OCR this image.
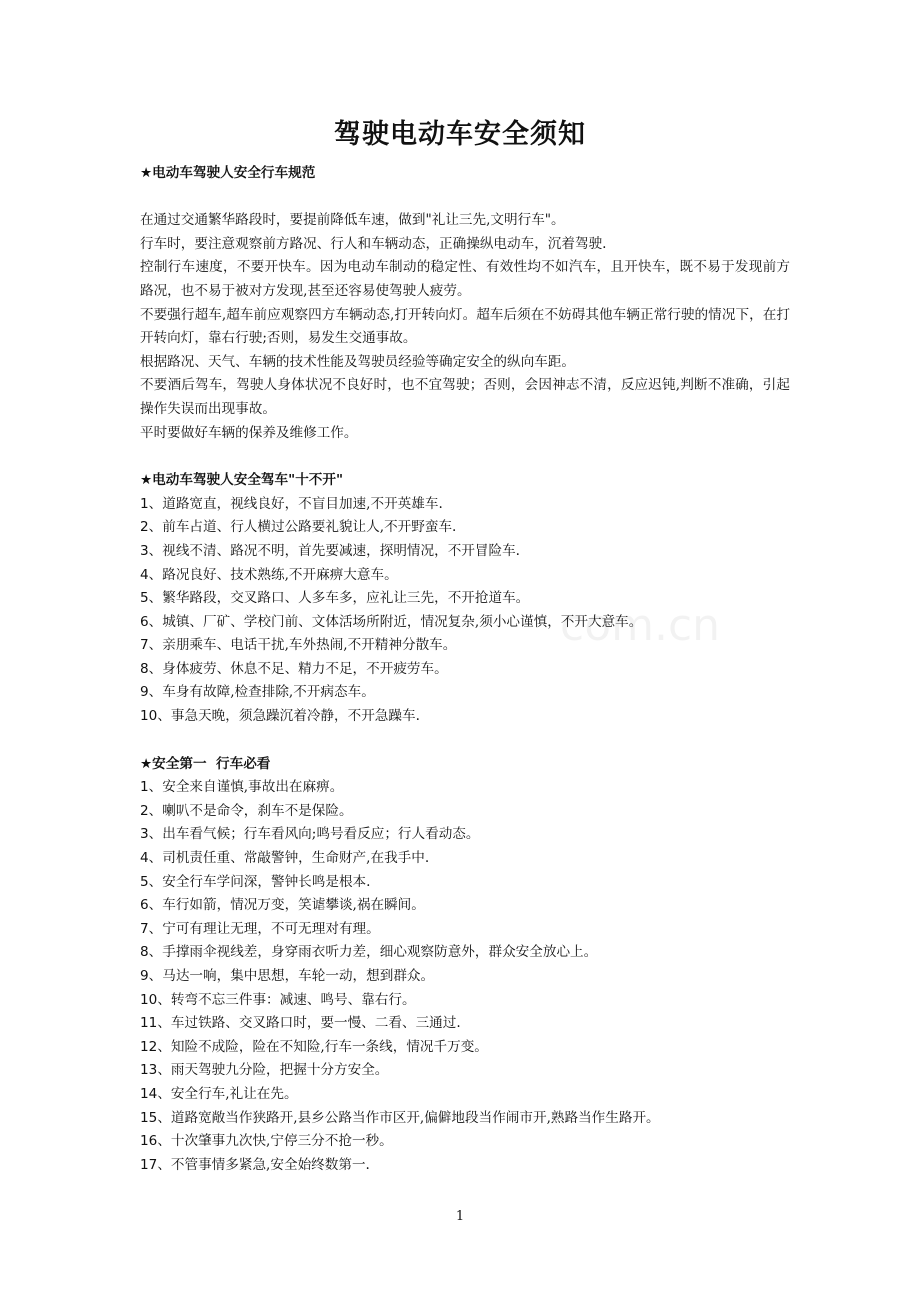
com.cn
驾驶电动车安全须知
★电动车驾驶人安全行车规范
在通过交通繁华路段时，要提前降低车速，做到"礼让三先,文明行车"。
行车时，要注意观察前方路况、行人和车辆动态，正确操纵电动车，沉着驾驶.
控制行车速度，不要开快车。因为电动车制动的稳定性、有效性均不如汽车，且开快车，既不易于发现前方路况，也不易于被对方发现,甚至还容易使驾驶人疲劳。
不要强行超车,超车前应观察四方车辆动态,打开转向灯。超车后须在不妨碍其他车辆正常行驶的情况下，在打开转向灯，靠右行驶;否则，易发生交通事故。
根据路况、天气、车辆的技术性能及驾驶员经验等确定安全的纵向车距。
不要酒后驾车，驾驶人身体状况不良好时，也不宜驾驶；否则，会因神志不清，反应迟钝,判断不准确，引起操作失误而出现事故。
平时要做好车辆的保养及维修工作。
★电动车驾驶人安全驾车"十不开"
1、道路宽直，视线良好，不盲目加速,不开英雄车.
2、前车占道、行人横过公路要礼貌让人,不开野蛮车.
3、视线不清、路况不明，首先要减速，探明情况，不开冒险车.
4、路况良好、技术熟练,不开麻痹大意车。
5、繁华路段，交叉路口、人多车多，应礼让三先，不开抢道车。
6、城镇、厂矿、学校门前、文体活场所附近，情况复杂,须小心谨慎，不开大意车。
7、亲朋乘车、电话干扰,车外热闹,不开精神分散车。
8、身体疲劳、休息不足、精力不足，不开疲劳车。
9、车身有故障,检查排除,不开病态车。
10、事急天晚，须急躁沉着冷静，不开急躁车.
★安全第一  行车必看
1、安全来自谨慎,事故出在麻痹。
2、喇叭不是命令，刹车不是保险。
3、出车看气候；行车看风向;鸣号看反应；行人看动态。
4、司机责任重、常敲警钟，生命财产,在我手中.
5、安全行车学问深，警钟长鸣是根本.
6、车行如箭，情况万变，笑谑攀谈,祸在瞬间。
7、宁可有理让无理，不可无理对有理。
8、手撑雨伞视线差，身穿雨衣听力差，细心观察防意外，群众安全放心上。
9、马达一响，集中思想，车轮一动，想到群众。
10、转弯不忘三件事：减速、鸣号、靠右行。
11、车过铁路、交叉路口时，要一慢、二看、三通过.
12、知险不成险，险在不知险,行车一条线，情况千万变。
13、雨天驾驶九分险，把握十分方安全。
14、安全行车,礼让在先。
15、道路宽敞当作狭路开,县乡公路当作市区开,偏僻地段当作闹市开,熟路当作生路开。
16、十次肇事九次快,宁停三分不抢一秒。
17、不管事情多紧急,安全始终数第一.
1
